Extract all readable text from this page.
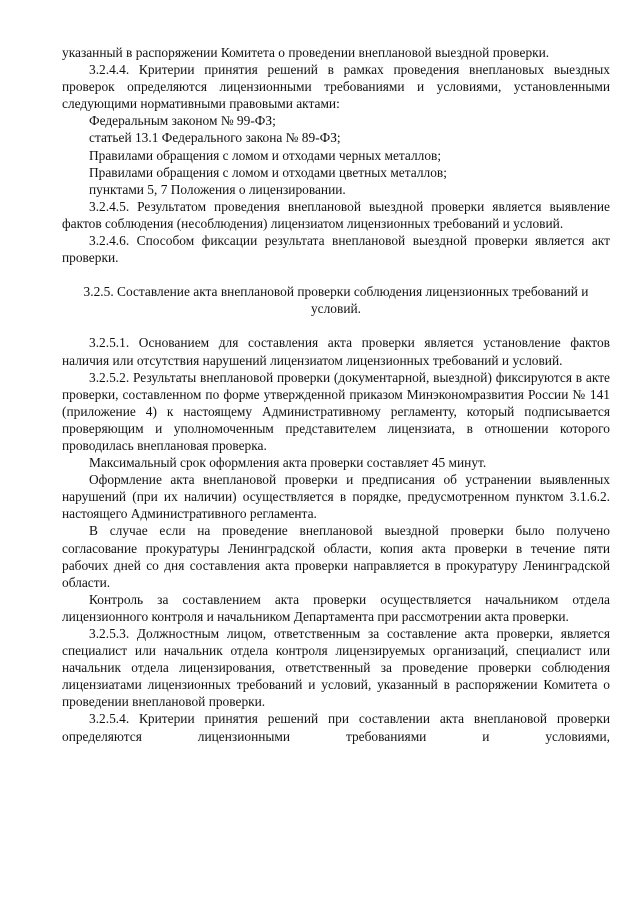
указанный в распоряжении Комитета о проведении внеплановой выездной проверки.

3.2.4.4. Критерии принятия решений в рамках проведения внеплановых выездных проверок определяются лицензионными требованиями и условиями, установленными следующими нормативными правовыми актами:

Федеральным законом № 99-ФЗ;

статьей 13.1 Федерального закона № 89-ФЗ;

Правилами обращения с ломом и отходами черных металлов;

Правилами обращения с ломом и отходами цветных металлов;

пунктами 5, 7 Положения о лицензировании.

3.2.4.5. Результатом проведения внеплановой выездной проверки является выявление фактов соблюдения (несоблюдения) лицензиатом лицензионных требований и условий.

3.2.4.6. Способом фиксации результата внеплановой выездной проверки является акт проверки.

3.2.5. Составление акта внеплановой проверки соблюдения лицензионных требований и условий.

3.2.5.1. Основанием для составления акта проверки является установление фактов наличия или отсутствия нарушений лицензиатом лицензионных требований и условий.

3.2.5.2. Результаты внеплановой проверки (документарной, выездной) фиксируются в акте проверки, составленном по форме утвержденной приказом Минэкономразвития России № 141 (приложение 4) к настоящему Административному регламенту, который подписывается проверяющим и уполномоченным представителем лицензиата, в отношении которого проводилась внеплановая проверка.

Максимальный срок оформления акта проверки составляет 45 минут.

Оформление акта внеплановой проверки и предписания об устранении выявленных нарушений (при их наличии) осуществляется в порядке, предусмотренном пунктом 3.1.6.2. настоящего Административного регламента.

В случае если на проведение внеплановой выездной проверки было получено согласование прокуратуры Ленинградской области, копия акта проверки в течение пяти рабочих дней со дня составления акта проверки направляется в прокуратуру Ленинградской области.

Контроль за составлением акта проверки осуществляется начальником отдела лицензионного контроля и начальником Департамента при рассмотрении акта проверки.

3.2.5.3. Должностным лицом, ответственным за составление акта проверки, является специалист или начальник отдела контроля лицензируемых организаций, специалист или начальник отдела лицензирования, ответственный за проведение проверки соблюдения лицензиатами лицензионных требований и условий, указанный в распоряжении Комитета о проведении внеплановой проверки.

3.2.5.4. Критерии принятия решений при составлении акта внеплановой проверки определяются лицензионными требованиями и условиями,
